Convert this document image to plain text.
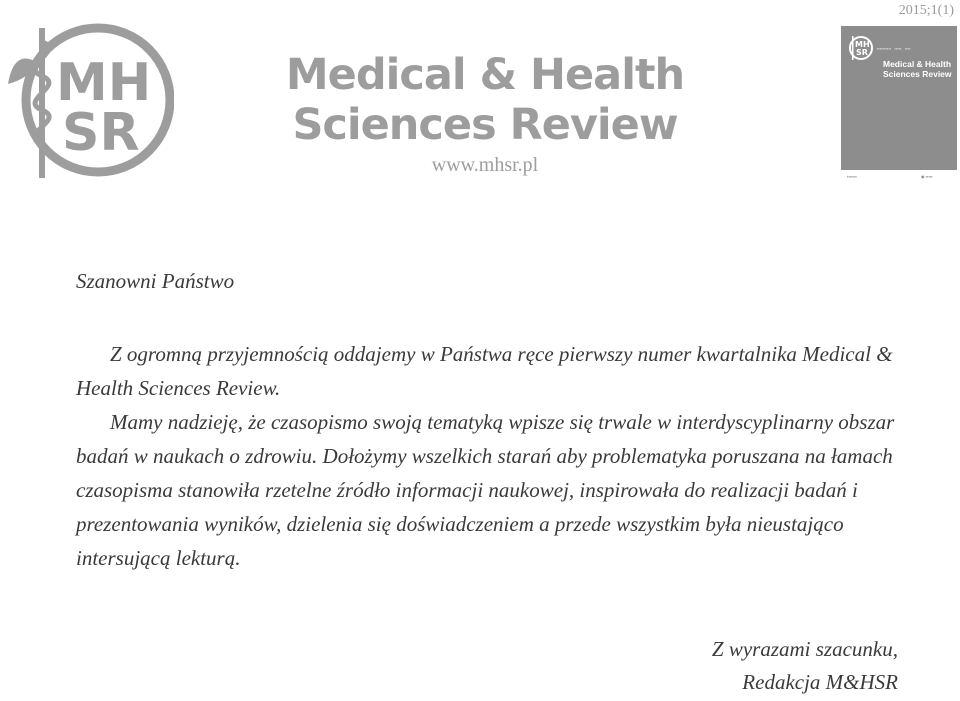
2015;1(1)
MH
SR
Medical & Health
Sciences Review
www.mhsr.pl
MH
SR ▪▪▪▪▪▪▪▪▪▪   ▪▪▪▪▪   ▪▪▪▪
Medical & Health
Sciences Review
▪▪▪▪▪▪▪	◉ ▪▪▪▪▪

Szanowni Państwo

Z ogromną przyjemnością oddajemy w Państwa ręce pierwszy numer kwartalnika Medical & Health Sciences Review.

Mamy nadzieję, że czasopismo swoją tematyką wpisze się trwale w interdyscyplinarny obszar badań w naukach o zdrowiu. Dołożymy wszelkich starań aby problematyka poruszana na łamach czasopisma stanowiła rzetelne źródło informacji naukowej, inspirowała do realizacji badań i prezentowania wyników, dzielenia się doświadczeniem a przede wszystkim była nieustająco intersującą lekturą.

Z wyrazami szacunku,
Redakcja M&HSR
